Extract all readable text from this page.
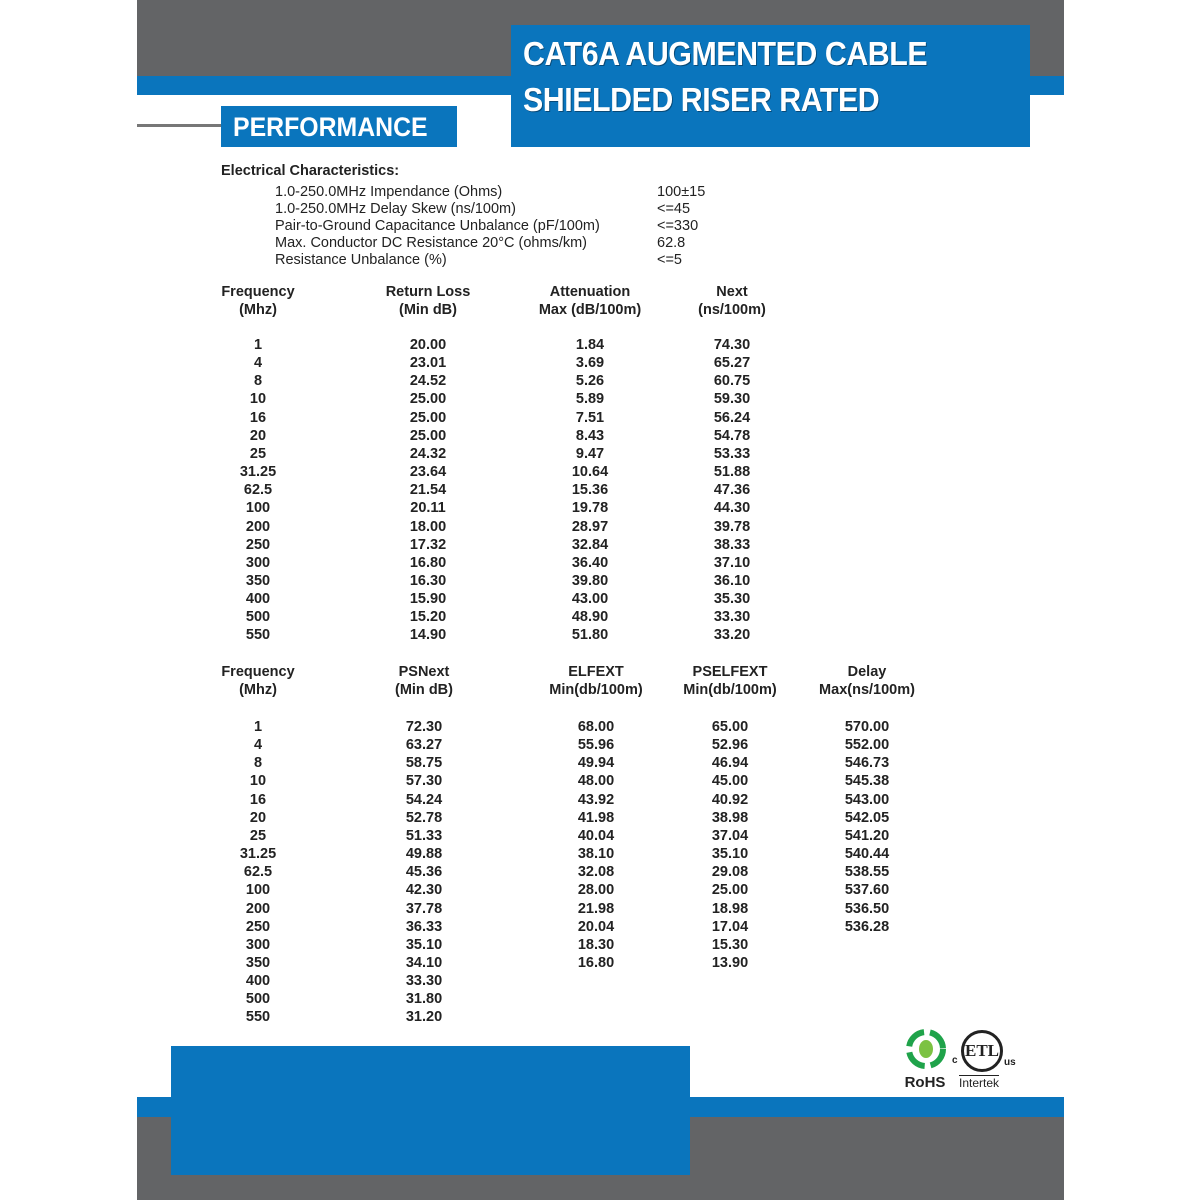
CAT6A AUGMENTED CABLE
SHIELDED RISER RATED
PERFORMANCE
Electrical Characteristics:
1.0-250.0MHz Impendance (Ohms)	100±15
1.0-250.0MHz Delay Skew (ns/100m)	<=45
Pair-to-Ground Capacitance Unbalance (pF/100m)	<=330
Max. Conductor DC Resistance 20°C (ohms/km)	62.8
Resistance Unbalance (%)	<=5
Frequency
(Mhz)
Return Loss
(Min dB)
Attenuation
Max (dB/100m)
Next
(ns/100m)
1	20.00	1.84	74.30
4	23.01	3.69	65.27
8	24.52	5.26	60.75
10	25.00	5.89	59.30
16	25.00	7.51	56.24
20	25.00	8.43	54.78
25	24.32	9.47	53.33
31.25	23.64	10.64	51.88
62.5	21.54	15.36	47.36
100	20.11	19.78	44.30
200	18.00	28.97	39.78
250	17.32	32.84	38.33
300	16.80	36.40	37.10
350	16.30	39.80	36.10
400	15.90	43.00	35.30
500	15.20	48.90	33.30
550	14.90	51.80	33.20
Frequency
(Mhz)
PSNext
(Min dB)
ELFEXT
Min(db/100m)
PSELFEXT
Min(db/100m)
Delay
Max(ns/100m)
1	72.30	68.00	65.00	570.00
4	63.27	55.96	52.96	552.00
8	58.75	49.94	46.94	546.73
10	57.30	48.00	45.00	545.38
16	54.24	43.92	40.92	543.00
20	52.78	41.98	38.98	542.05
25	51.33	40.04	37.04	541.20
31.25	49.88	38.10	35.10	540.44
62.5	45.36	32.08	29.08	538.55
100	42.30	28.00	25.00	537.60
200	37.78	21.98	18.98	536.50
250	36.33	20.04	17.04	536.28
300	35.10	18.30	15.30
350	34.10	16.80	13.90
400	33.30
500	31.80
550	31.20
RoHS
c
ETL
us
Intertek
